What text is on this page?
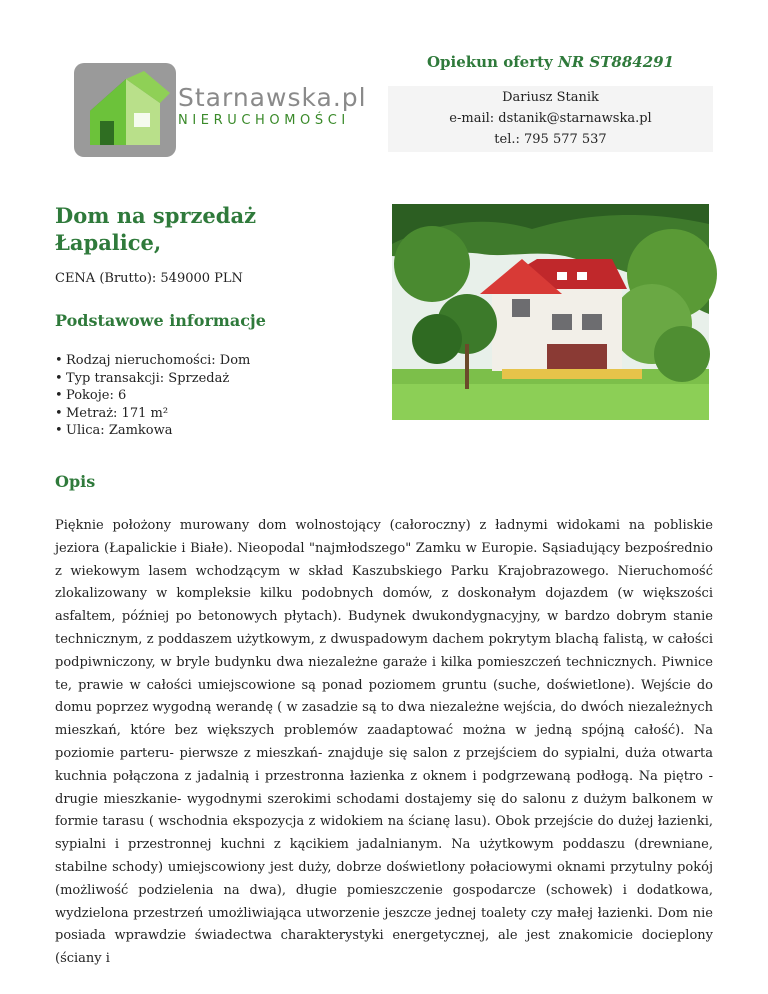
Starnawska.pl
NIERUCHOMOŚCI
Opiekun oferty NR ST884291
Dariusz Stanik
e-mail: dstanik@starnawska.pl
tel.: 795 577 537
Dom na sprzedaż Łapalice,
CENA (Brutto): 549000 PLN
Podstawowe informacje
• Rodzaj nieruchomości: Dom
• Typ transakcji: Sprzedaż
• Pokoje: 6
• Metraż: 171 m²
• Ulica: Zamkowa
Opis

Pięknie położony murowany dom wolnostojący (całoroczny) z ładnymi widokami na pobliskie jeziora (Łapalickie i Białe). Nieopodal "najmłodszego" Zamku w Europie. Sąsiadujący bezpośrednio z wiekowym lasem wchodzącym w skład Kaszubskiego Parku Krajobrazowego. Nieruchomość zlokalizowany w kompleksie kilku podobnych domów, z doskonałym dojazdem (w większości asfaltem, później po betonowych płytach). Budynek dwukondygnacyjny, w bardzo dobrym stanie technicznym, z poddaszem użytkowym, z dwuspadowym dachem pokrytym blachą falistą, w całości podpiwniczony, w bryle budynku dwa niezależne garaże i kilka pomieszczeń technicznych. Piwnice te, prawie w całości umiejscowione są ponad poziomem gruntu (suche, doświetlone). Wejście do domu poprzez wygodną werandę ( w zasadzie są to dwa niezależne wejścia, do dwóch niezależnych mieszkań, które bez większych problemów zaadaptować można w jedną spójną całość). Na poziomie parteru- pierwsze z mieszkań- znajduje się salon z przejściem do sypialni, duża otwarta kuchnia połączona z jadalnią i przestronna łazienka z oknem i podgrzewaną podłogą. Na piętro - drugie mieszkanie- wygodnymi szerokimi schodami dostajemy się do salonu z dużym balkonem w formie tarasu ( wschodnia ekspozycja z widokiem na ścianę lasu). Obok przejście do dużej łazienki, sypialni i przestronnej kuchni z kącikiem jadalnianym. Na użytkowym poddaszu (drewniane, stabilne schody) umiejscowiony jest duży, dobrze doświetlony połaciowymi oknami przytulny pokój (możliwość podzielenia na dwa), długie pomieszczenie gospodarcze (schowek) i dodatkowa, wydzielona przestrzeń umożliwiająca utworzenie jeszcze jednej toalety czy małej łazienki. Dom nie posiada wprawdzie świadectwa charakterystyki energetycznej, ale jest znakomicie docieplony (ściany i
